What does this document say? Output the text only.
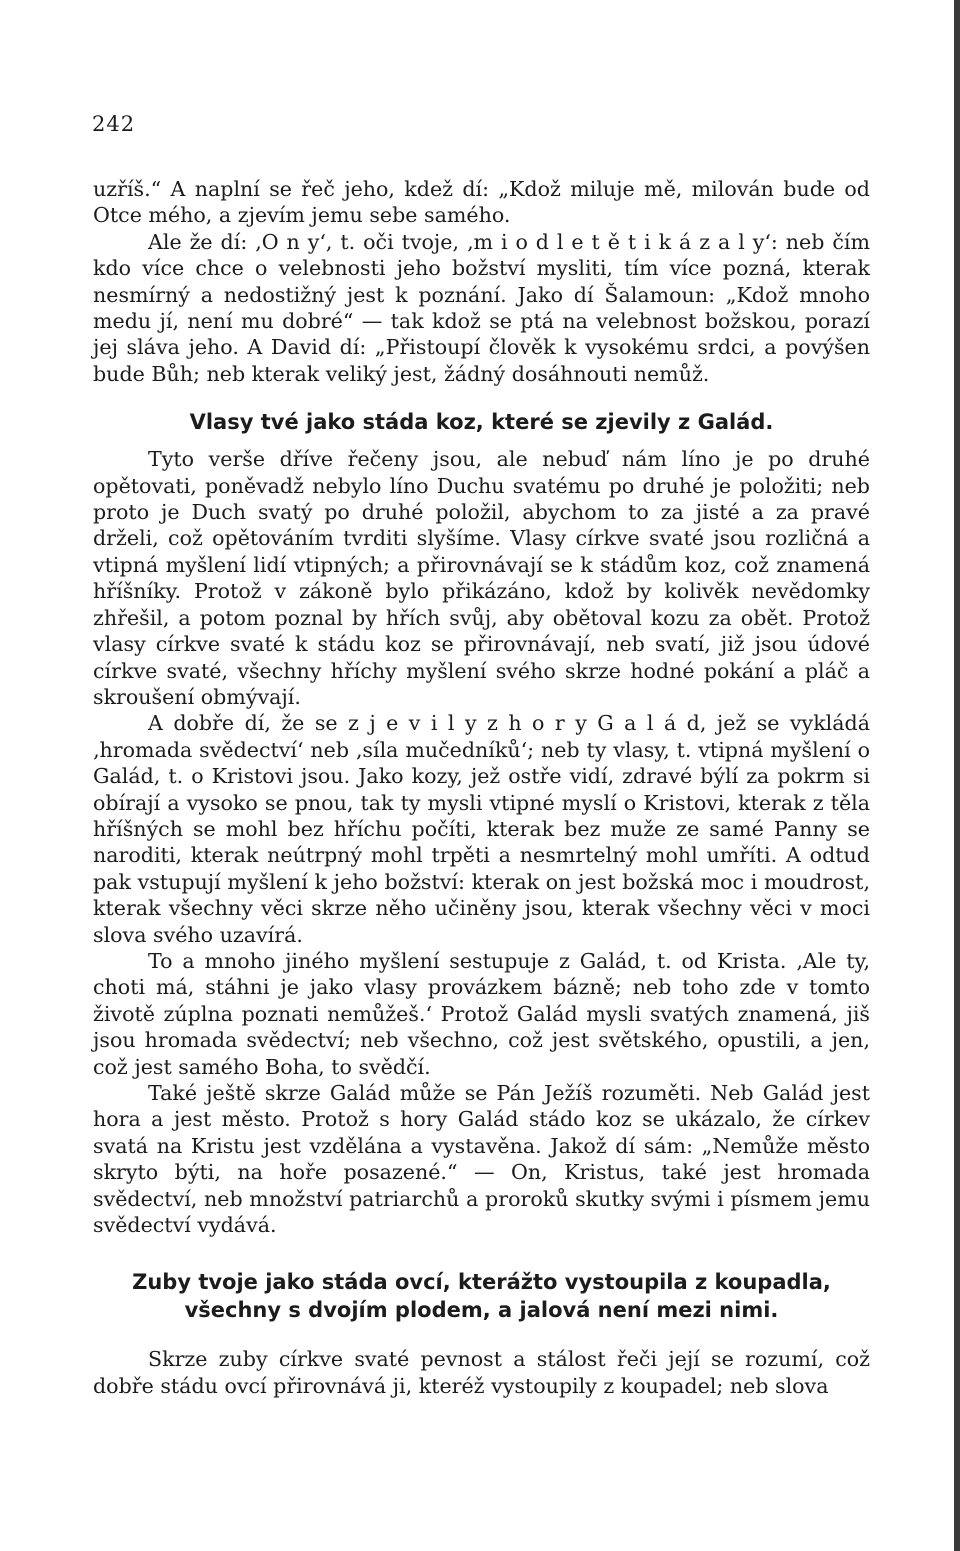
242

uzříš.“ A naplní se řeč jeho, kdež dí: „Kdož miluje mě, milován bude od Otce mého, a zjevím jemu sebe samého.

Ale že dí: ‚O n y‘, t. oči tvoje, ‚m i o d l e t ě t i k á z a l y‘: neb čím kdo více chce o velebnosti jeho božství mysliti, tím více pozná, kterak nesmírný a nedostižný jest k poznání. Jako dí Šalamoun: „Kdož mnoho medu jí, není mu dobré“ — tak kdož se ptá na velebnost božskou, porazí jej sláva jeho. A David dí: „Přistoupí člověk k vysokému srdci, a povýšen bude Bůh; neb kterak veliký jest, žádný dosáhnouti nemůž.

Vlasy tvé jako stáda koz, které se zjevily z Galád.

Tyto verše dříve řečeny jsou, ale nebuď nám líno je po druhé opětovati, poněvadž nebylo líno Duchu svatému po druhé je položiti; neb proto je Duch svatý po druhé položil, abychom to za jisté a za pravé drželi, což opětováním tvrditi slyšíme. Vlasy církve svaté jsou rozličná a vtipná myšlení lidí vtipných; a přirovnávají se k stádům koz, což znamená hříšníky. Protož v zákoně bylo přikázáno, kdož by kolivěk nevědomky zhřešil, a potom poznal by hřích svůj, aby obětoval kozu za obět. Protož vlasy církve svaté k stádu koz se přirovnávají, neb svatí, již jsou údové církve svaté, všechny hříchy myšlení svého skrze hodné pokání a pláč a skroušení obmývají.

A dobře dí, že se z j e v i l y z h o r y G a l á d, jež se vykládá ‚hromada svědectví‘ neb ‚síla mučedníků‘; neb ty vlasy, t. vtipná myšlení o Galád, t. o Kristovi jsou. Jako kozy, jež ostře vidí, zdravé býlí za pokrm si obírají a vysoko se pnou, tak ty mysli vtipné myslí o Kristovi, kterak z těla hříšných se mohl bez hříchu počíti, kterak bez muže ze samé Panny se naroditi, kterak neútrpný mohl trpěti a nesmrtelný mohl umříti. A odtud pak vstupují myšlení k jeho božství: kterak on jest božská moc i moudrost, kterak všechny věci skrze něho učiněny jsou, kterak všechny věci v moci slova svého uzavírá.

To a mnoho jiného myšlení sestupuje z Galád, t. od Krista. ‚Ale ty, choti má, stáhni je jako vlasy provázkem bázně; neb toho zde v tomto životě zúplna poznati nemůžeš.‘ Protož Galád mysli svatých znamená, jiš jsou hromada svědectví; neb všechno, což jest světského, opustili, a jen, což jest samého Boha, to svědčí.

Také ještě skrze Galád může se Pán Ježíš rozuměti. Neb Galád jest hora a jest město. Protož s hory Galád stádo koz se ukázalo, že církev svatá na Kristu jest vzdělána a vystavěna. Jakož dí sám: „Nemůže město skryto býti, na hoře posazené.“ — On, Kristus, také jest hromada svědectví, neb množství patriarchů a proroků skutky svými i písmem jemu svědectví vydává.

Zuby tvoje jako stáda ovcí, kterážto vystoupila z koupadla, všechny s dvojím plodem, a jalová není mezi nimi.

Skrze zuby církve svaté pevnost a stálost řeči její se rozumí, což dobře stádu ovcí přirovnává ji, kteréž vystoupily z koupadel; neb slova
